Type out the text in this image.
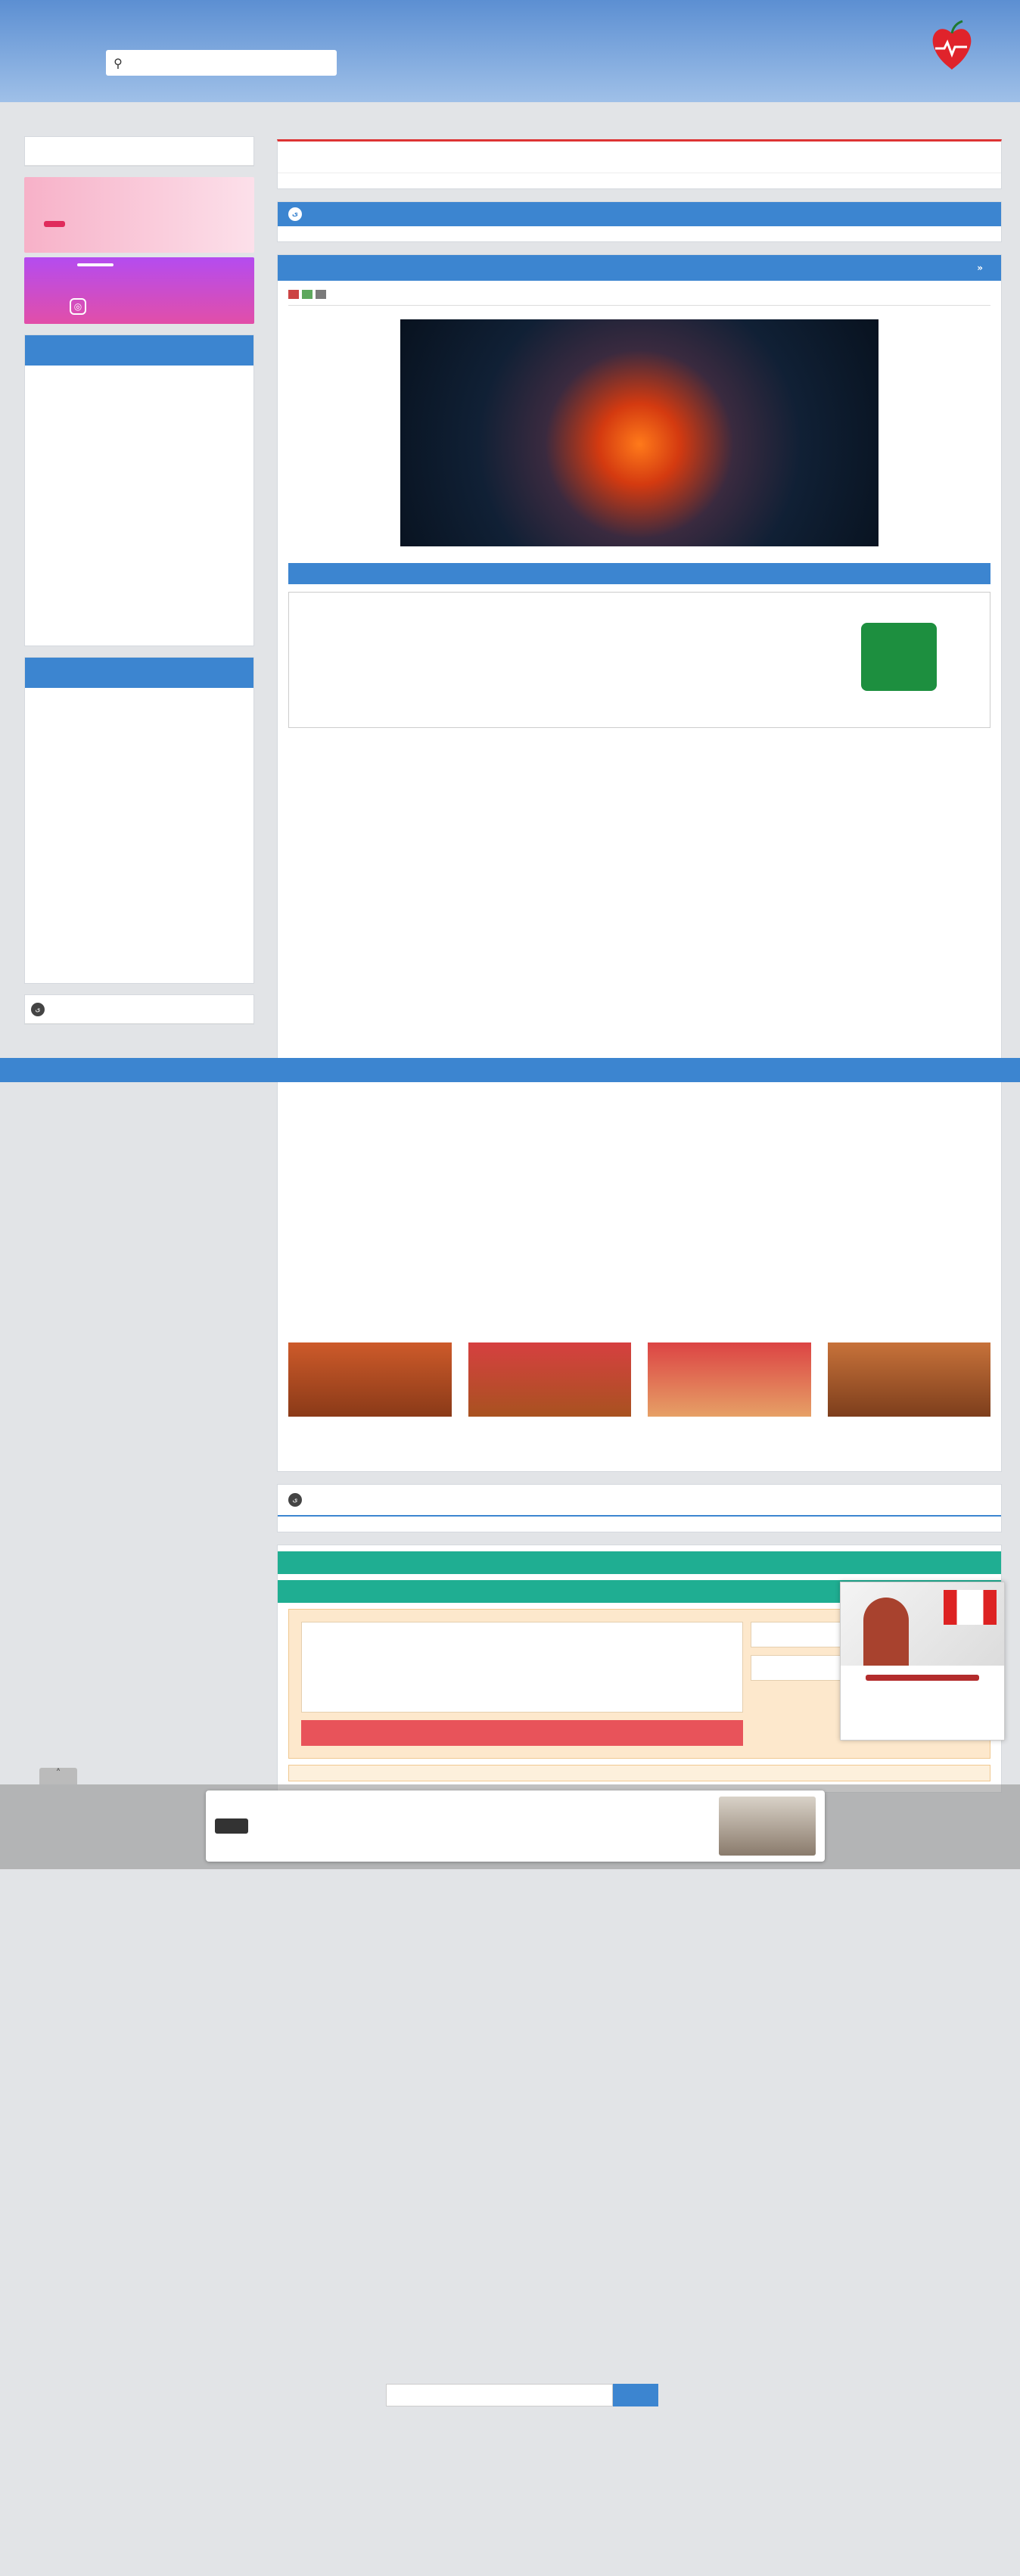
⚲
◎
ی
ی
«
ی
˄
